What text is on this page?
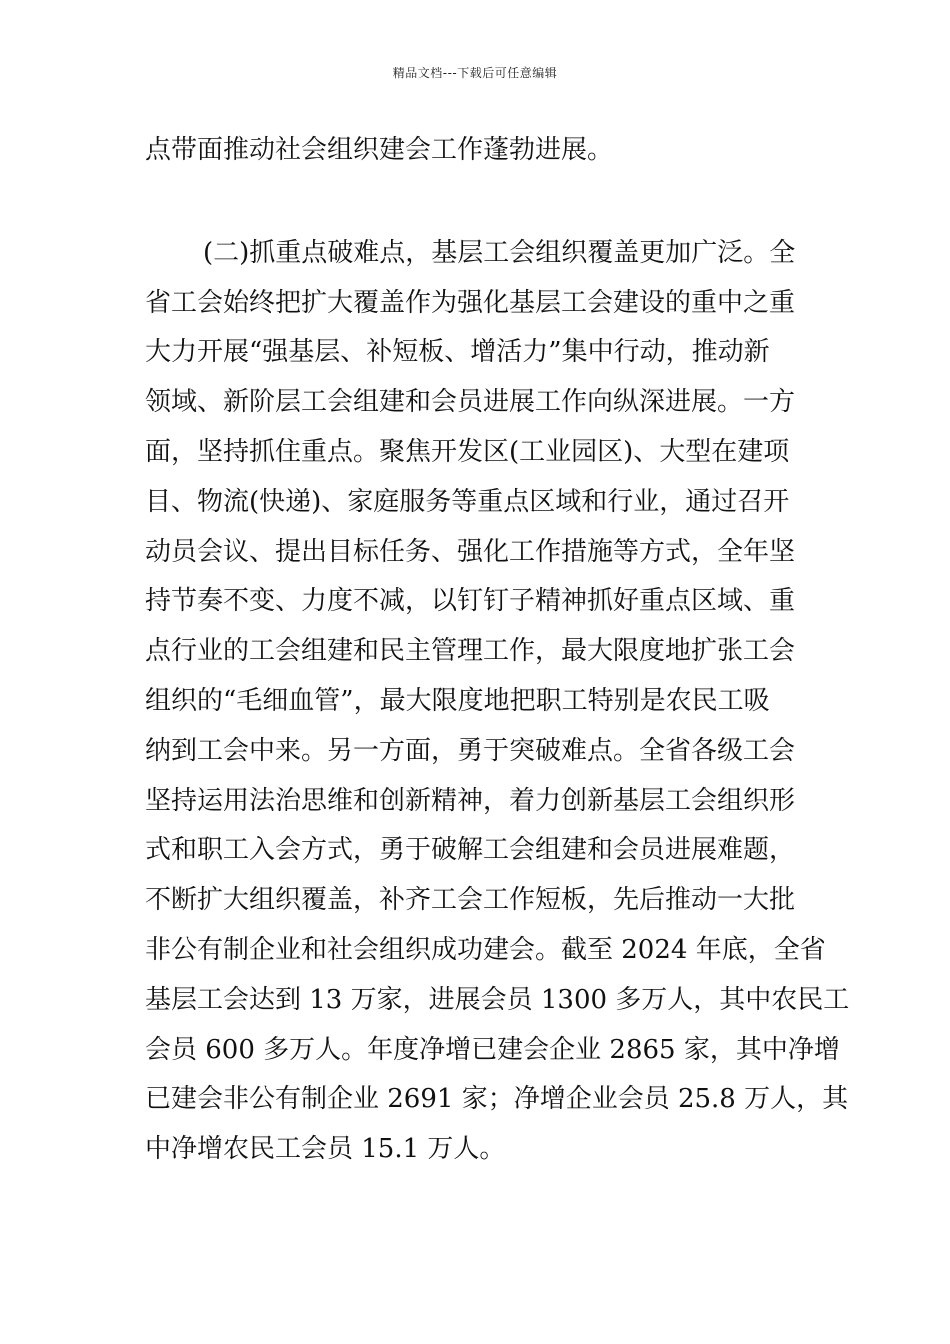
精品文档---下载后可任意编辑
点带面推动社会组织建会工作蓬勃进展。
(二)抓重点破难点，基层工会组织覆盖更加广泛。全
省工会始终把扩大覆盖作为强化基层工会建设的重中之重
大力开展“强基层、补短板、增活力”集中行动，推动新
领域、新阶层工会组建和会员进展工作向纵深进展。一方
面，坚持抓住重点。聚焦开发区(工业园区)、大型在建项
目、物流(快递)、家庭服务等重点区域和行业，通过召开
动员会议、提出目标任务、强化工作措施等方式，全年坚
持节奏不变、力度不减，以钉钉子精神抓好重点区域、重
点行业的工会组建和民主管理工作，最大限度地扩张工会
组织的“毛细血管”，最大限度地把职工特别是农民工吸
纳到工会中来。另一方面，勇于突破难点。全省各级工会
坚持运用法治思维和创新精神，着力创新基层工会组织形
式和职工入会方式，勇于破解工会组建和会员进展难题，
不断扩大组织覆盖，补齐工会工作短板，先后推动一大批
非公有制企业和社会组织成功建会。截至 2024 年底，全省
基层工会达到 13 万家，进展会员 1300 多万人，其中农民工
会员 600 多万人。年度净增已建会企业 2865 家，其中净增
已建会非公有制企业 2691 家；净增企业会员 25.8 万人，其
中净增农民工会员 15.1 万人。
